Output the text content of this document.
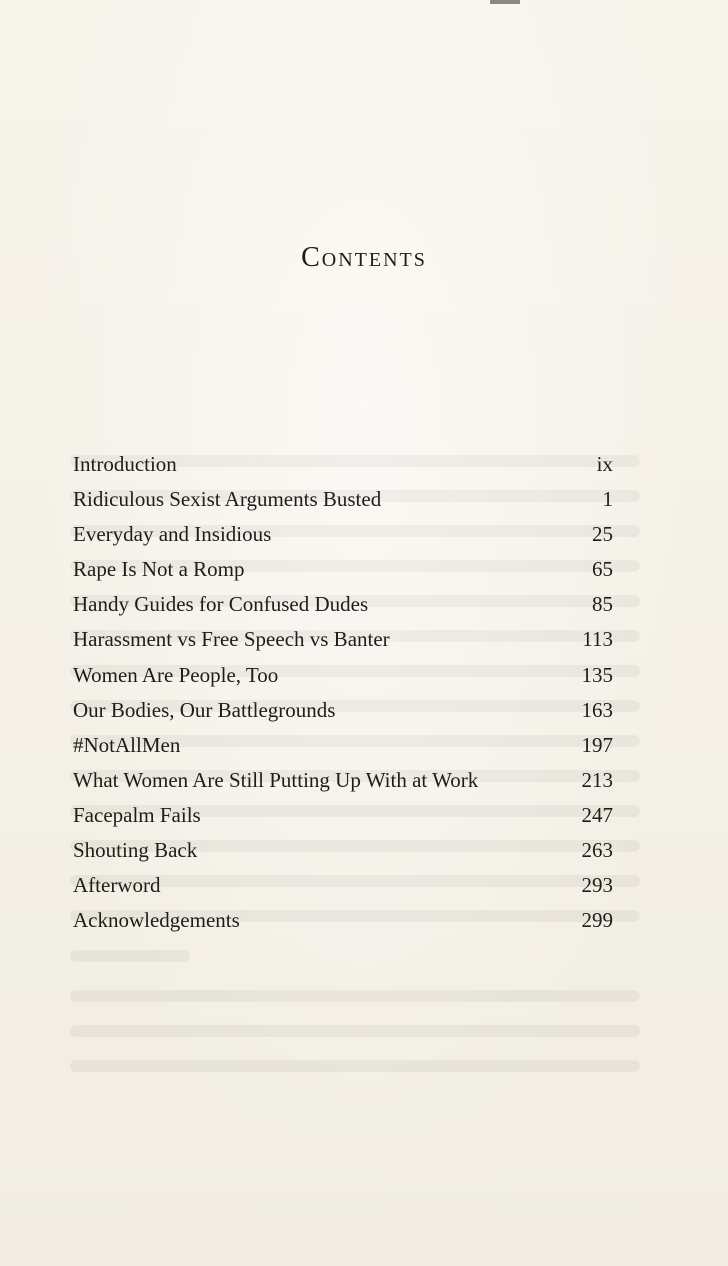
Contents
Introduction	ix
Ridiculous Sexist Arguments Busted	1
Everyday and Insidious	25
Rape Is Not a Romp	65
Handy Guides for Confused Dudes	85
Harassment vs Free Speech vs Banter	113
Women Are People, Too	135
Our Bodies, Our Battlegrounds	163
#NotAllMen	197
What Women Are Still Putting Up With at Work	213
Facepalm Fails	247
Shouting Back	263
Afterword	293
Acknowledgements	299
